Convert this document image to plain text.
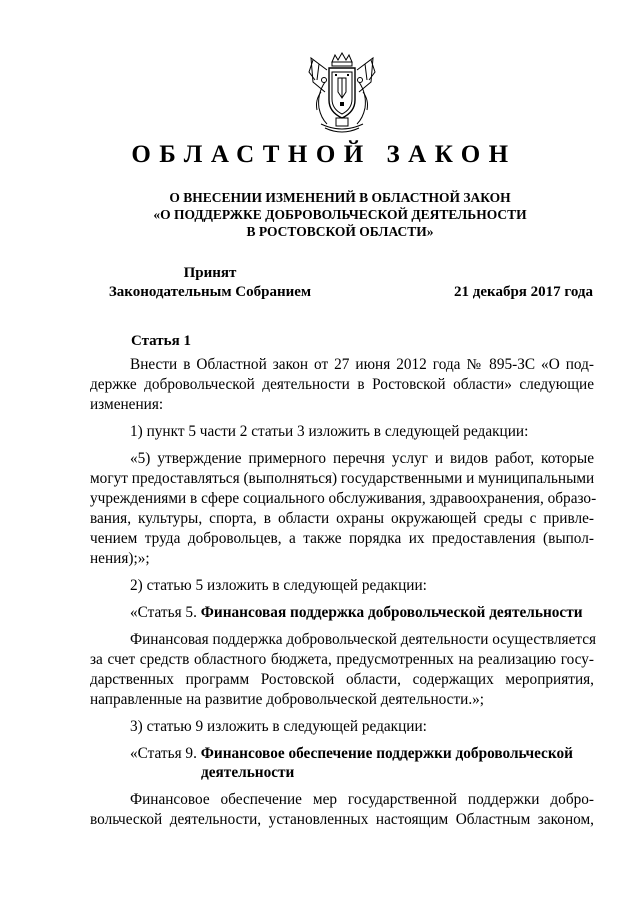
ОБЛАСТНОЙ ЗАКОН
О ВНЕСЕНИИ ИЗМЕНЕНИЙ В ОБЛАСТНОЙ ЗАКОН
«О ПОДДЕРЖКЕ ДОБРОВОЛЬЧЕСКОЙ ДЕЯТЕЛЬНОСТИ
В РОСТОВСКОЙ ОБЛАСТИ»
Принят
Законодательным Собранием	21 декабря 2017 года
Статья 1
Внести в Областной закон от 27 июня 2012 года № 895-ЗС «О под-
держке добровольческой деятельности в Ростовской области» следующие
изменения:
1) пункт 5 части 2 статьи 3 изложить в следующей редакции:
«5) утверждение примерного перечня услуг и видов работ, которые
могут предоставляться (выполняться) государственными и муниципальными
учреждениями в сфере социального обслуживания, здравоохранения, образо-
вания, культуры, спорта, в области охраны окружающей среды с привле-
чением труда добровольцев, а также порядка их предоставления (выпол-
нения);»;
2) статью 5 изложить в следующей редакции:
«Статья 5. Финансовая поддержка добровольческой деятельности
Финансовая поддержка добровольческой деятельности осуществляется
за счет средств областного бюджета, предусмотренных на реализацию госу-
дарственных программ Ростовской области, содержащих мероприятия,
направленные на развитие добровольческой деятельности.»;
3) статью 9 изложить в следующей редакции:
«Статья 9. Финансовое обеспечение поддержки добровольческой
деятельности
Финансовое обеспечение мер государственной поддержки добро-
вольческой деятельности, установленных настоящим Областным законом,
